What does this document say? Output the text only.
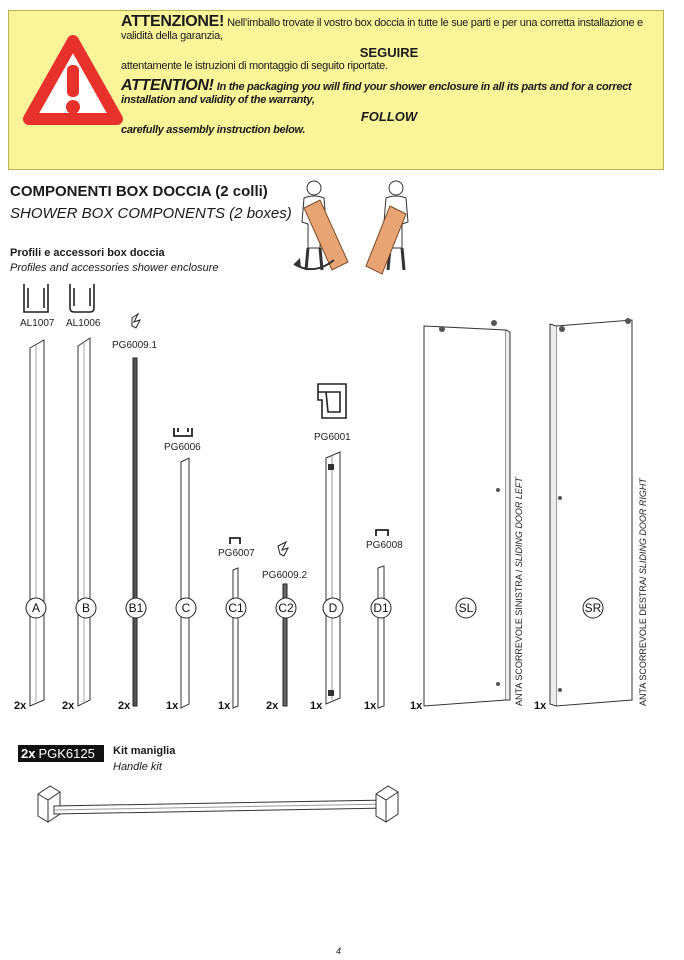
ATTENZIONE! Nell’imballo trovate il vostro box doccia in tutte le sue parti e per una corretta installazione e validità della garanzia,

SEGUIRE

attentamente le istruzioni di montaggio di seguito riportate.

ATTENTION! In the packaging you will find your shower enclosure in all its parts and for a correct installation and validity of the warranty,

FOLLOW

carefully assembly instruction below.

COMPONENTI BOX DOCCIA (2 colli)

SHOWER BOX COMPONENTS (2 boxes)

Profili e accessori box doccia

Profiles and accessories shower enclosure

AL1007
A
2x
AL1006
B
2x
PG6009.1
B1
2x
PG6006
C
1x
PG6007
C1
1x
PG6009.2
C2
2x
PG6001
D
1x
PG6008
D1
1x
SL
1x	ANTA SCORREVOLE SINISTRA / SLIDING DOOR LEFT
SR
1x	ANTA SCORREVOLE DESTRA/ SLIDING DOOR RIGHT
2x PGK6125	Kit maniglia

Handle kit

4
